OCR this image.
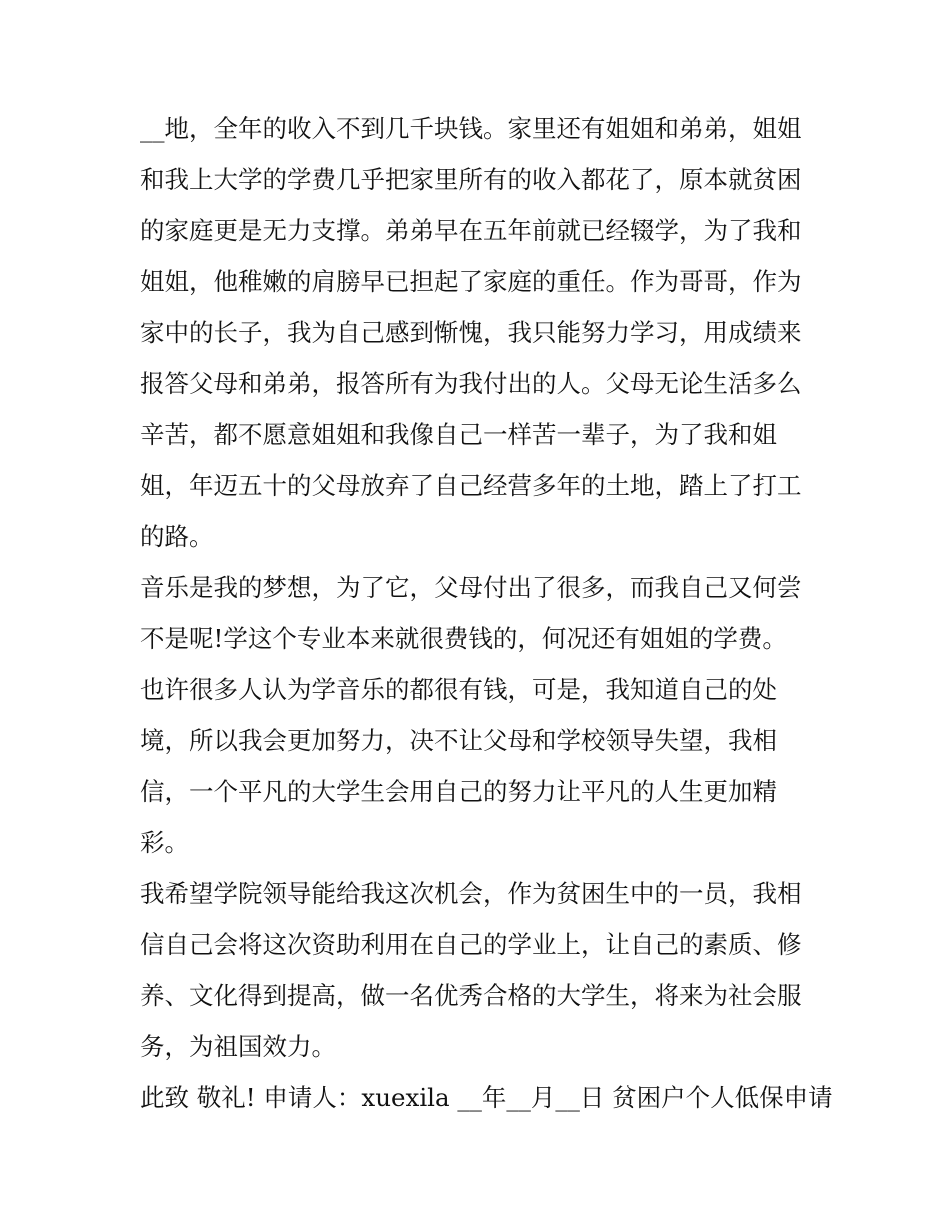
__地，全年的收入不到几千块钱。家里还有姐姐和弟弟，姐姐
和我上大学的学费几乎把家里所有的收入都花了，原本就贫困
的家庭更是无力支撑。弟弟早在五年前就已经辍学，为了我和
姐姐，他稚嫩的肩膀早已担起了家庭的重任。作为哥哥，作为
家中的长子，我为自己感到惭愧，我只能努力学习，用成绩来
报答父母和弟弟，报答所有为我付出的人。父母无论生活多么
辛苦，都不愿意姐姐和我像自己一样苦一辈子，为了我和姐
姐，年迈五十的父母放弃了自己经营多年的土地，踏上了打工
的路。
音乐是我的梦想，为了它，父母付出了很多，而我自己又何尝
不是呢!学这个专业本来就很费钱的，何况还有姐姐的学费。
也许很多人认为学音乐的都很有钱，可是，我知道自己的处
境，所以我会更加努力，决不让父母和学校领导失望，我相
信，一个平凡的大学生会用自己的努力让平凡的人生更加精
彩。
我希望学院领导能给我这次机会，作为贫困生中的一员，我相
信自己会将这次资助利用在自己的学业上，让自己的素质、修
养、文化得到提高，做一名优秀合格的大学生，将来为社会服
务，为祖国效力。
此致 敬礼! 申请人：xuexila __年__月__日 贫困户个人低保申请
